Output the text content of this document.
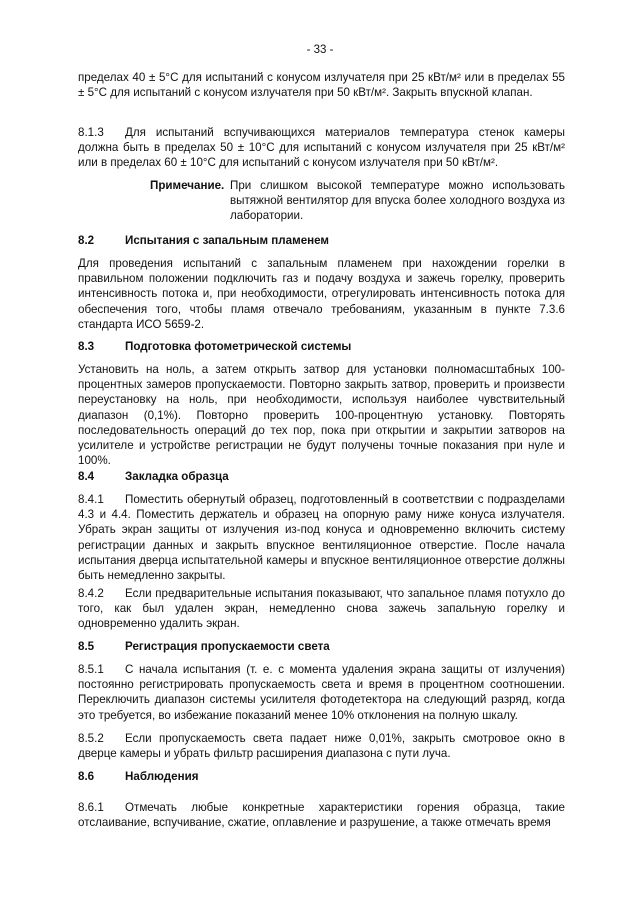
- 33 -

пределах 40 ± 5°С для испытаний с конусом излучателя при 25 кВт/м² или в пределах 55 ± 5°С для испытаний с конусом излучателя при 50 кВт/м². Закрыть впускной клапан.

8.1.3 Для испытаний вспучивающихся материалов температура стенок камеры должна быть в пределах 50 ± 10°С для испытаний с конусом излучателя при 25 кВт/м² или в пределах 60 ± 10°С для испытаний с конусом излучателя при 50 кВт/м².

Примечание. При слишком высокой температуре можно использовать вытяжной вентилятор для впуска более холодного воздуха из лаборатории.
8.2	Испытания с запальным пламенем

Для проведения испытаний с запальным пламенем при нахождении горелки в правильном положении подключить газ и подачу воздуха и зажечь горелку, проверить интенсивность потока и, при необходимости, отрегулировать интенсивность потока для обеспечения того, чтобы пламя отвечало требованиям, указанным в пункте 7.3.6 стандарта ИСО 5659-2.

8.3	Подготовка фотометрической системы

Установить на ноль, а затем открыть затвор для установки полномасштабных 100-процентных замеров пропускаемости. Повторно закрыть затвор, проверить и произвести переустановку на ноль, при необходимости, используя наиболее чувствительный диапазон (0,1%). Повторно проверить 100-процентную установку. Повторять последовательность операций до тех пор, пока при открытии и закрытии затворов на усилителе и устройстве регистрации не будут получены точные показания при нуле и 100%.

8.4	Закладка образца

8.4.1 Поместить обернутый образец, подготовленный в соответствии с подразделами 4.3 и 4.4. Поместить держатель и образец на опорную раму ниже конуса излучателя. Убрать экран защиты от излучения из-под конуса и одновременно включить систему регистрации данных и закрыть впускное вентиляционное отверстие. После начала испытания дверца испытательной камеры и впускное вентиляционное отверстие должны быть немедленно закрыты.

8.4.2 Если предварительные испытания показывают, что запальное пламя потухло до того, как был удален экран, немедленно снова зажечь запальную горелку и одновременно удалить экран.

8.5	Регистрация пропускаемости света

8.5.1 С начала испытания (т. е. с момента удаления экрана защиты от излучения) постоянно регистрировать пропускаемость света и время в процентном соотношении. Переключить диапазон системы усилителя фотодетектора на следующий разряд, когда это требуется, во избежание показаний менее 10% отклонения на полную шкалу.

8.5.2 Если пропускаемость света падает ниже 0,01%, закрыть смотровое окно в дверце камеры и убрать фильтр расширения диапазона с пути луча.

8.6	Наблюдения

8.6.1 Отмечать любые конкретные характеристики горения образца, такие отслаивание, вспучивание, сжатие, оплавление и разрушение, а также отмечать время
